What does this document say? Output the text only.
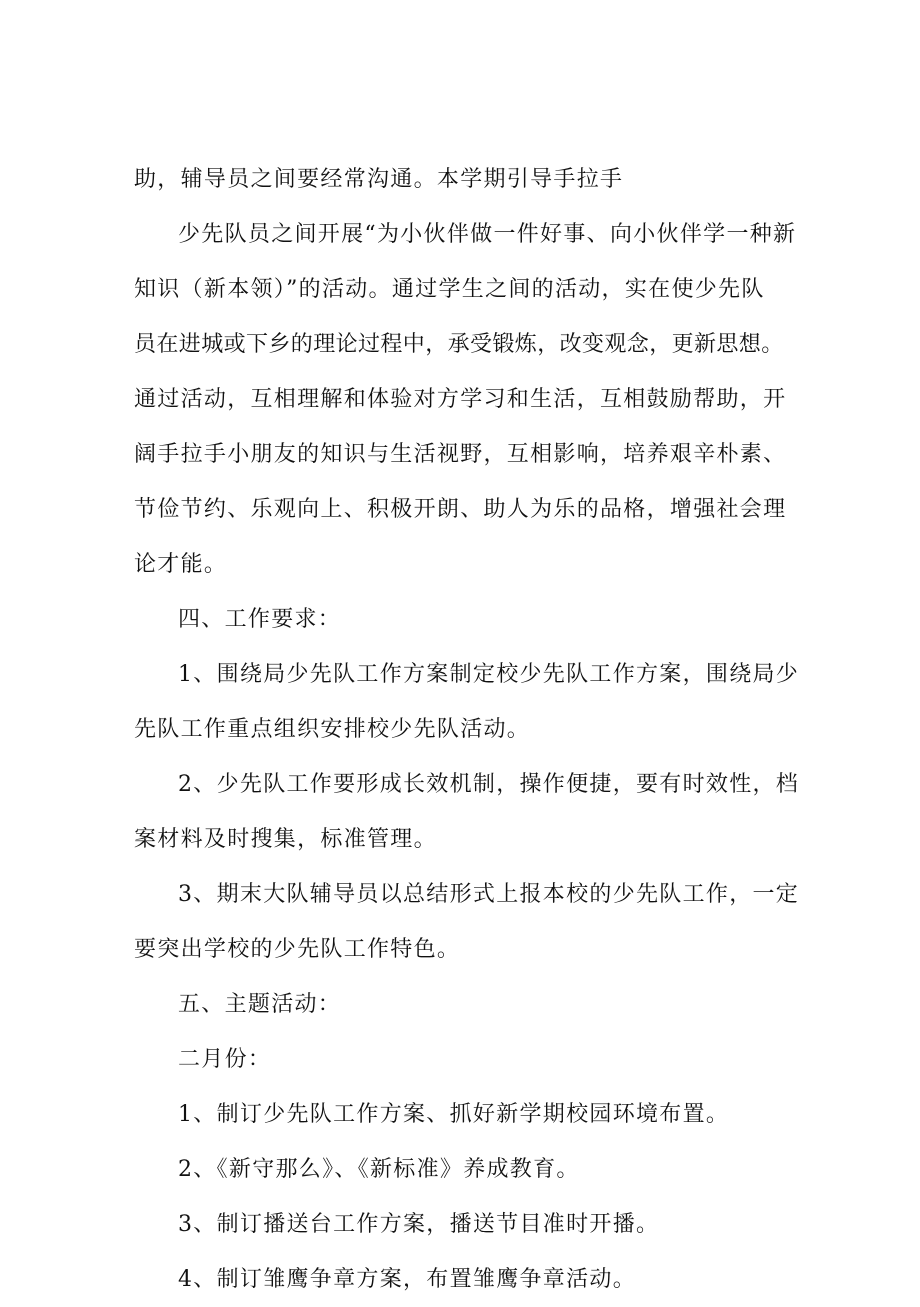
助，辅导员之间要经常沟通。本学期引导手拉手

少先队员之间开展“为小伙伴做一件好事、向小伙伴学一种新
知识（新本领）”的活动。通过学生之间的活动，实在使少先队
员在进城或下乡的理论过程中，承受锻炼，改变观念，更新思想。
通过活动，互相理解和体验对方学习和生活，互相鼓励帮助，开
阔手拉手小朋友的知识与生活视野，互相影响，培养艰辛朴素、
节俭节约、乐观向上、积极开朗、助人为乐的品格，增强社会理
论才能。

四、工作要求：

1、围绕局少先队工作方案制定校少先队工作方案，围绕局少
先队工作重点组织安排校少先队活动。

2、少先队工作要形成长效机制，操作便捷，要有时效性，档
案材料及时搜集，标准管理。

3、期末大队辅导员以总结形式上报本校的少先队工作，一定
要突出学校的少先队工作特色。

五、主题活动：

二月份：

1、制订少先队工作方案、抓好新学期校园环境布置。

2、《新守那么》、《新标准》养成教育。

3、制订播送台工作方案，播送节目准时开播。

4、制订雏鹰争章方案，布置雏鹰争章活动。
